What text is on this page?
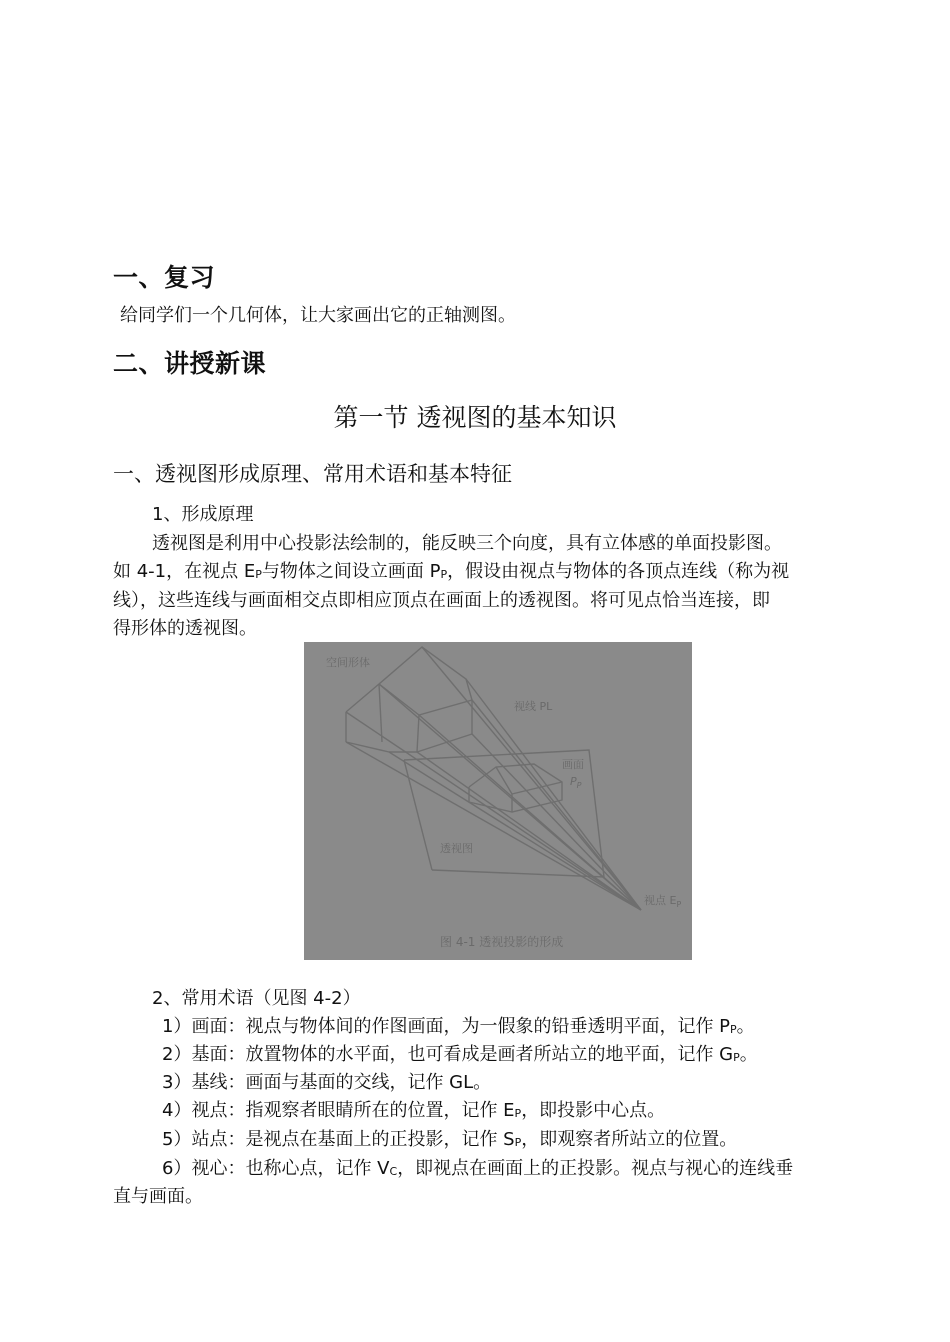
一、复习
给同学们一个几何体，让大家画出它的正轴测图。
二、讲授新课
第一节 透视图的基本知识
一、透视图形成原理、常用术语和基本特征
1、形成原理
透视图是利用中心投影法绘制的，能反映三个向度，具有立体感的单面投影图。
如 4-1，在视点 $E_P$与物体之间设立画面 $P_P$，假设由视点与物体的各顶点连线（称为视
线），这些连线与画面相交点即相应顶点在画面上的透视图。将可见点恰当连接，即
得形体的透视图。
空间形体
视线 PL
画面
$P_P$
透视图
视点 $E_P$
图 4-1 透视投影的形成
2、常用术语（见图 4-2）
1）画面：视点与物体间的作图画面，为一假象的铅垂透明平面，记作 $P_P$。
2）基面：放置物体的水平面，也可看成是画者所站立的地平面，记作 $G_P$。
3）基线：画面与基面的交线，记作 GL。
4）视点：指观察者眼睛所在的位置，记作 $E_P$，即投影中心点。
5）站点：是视点在基面上的正投影，记作 $S_P$，即观察者所站立的位置。
6）视心：也称心点，记作 $V_C$，即视点在画面上的正投影。视点与视心的连线垂
直与画面。
